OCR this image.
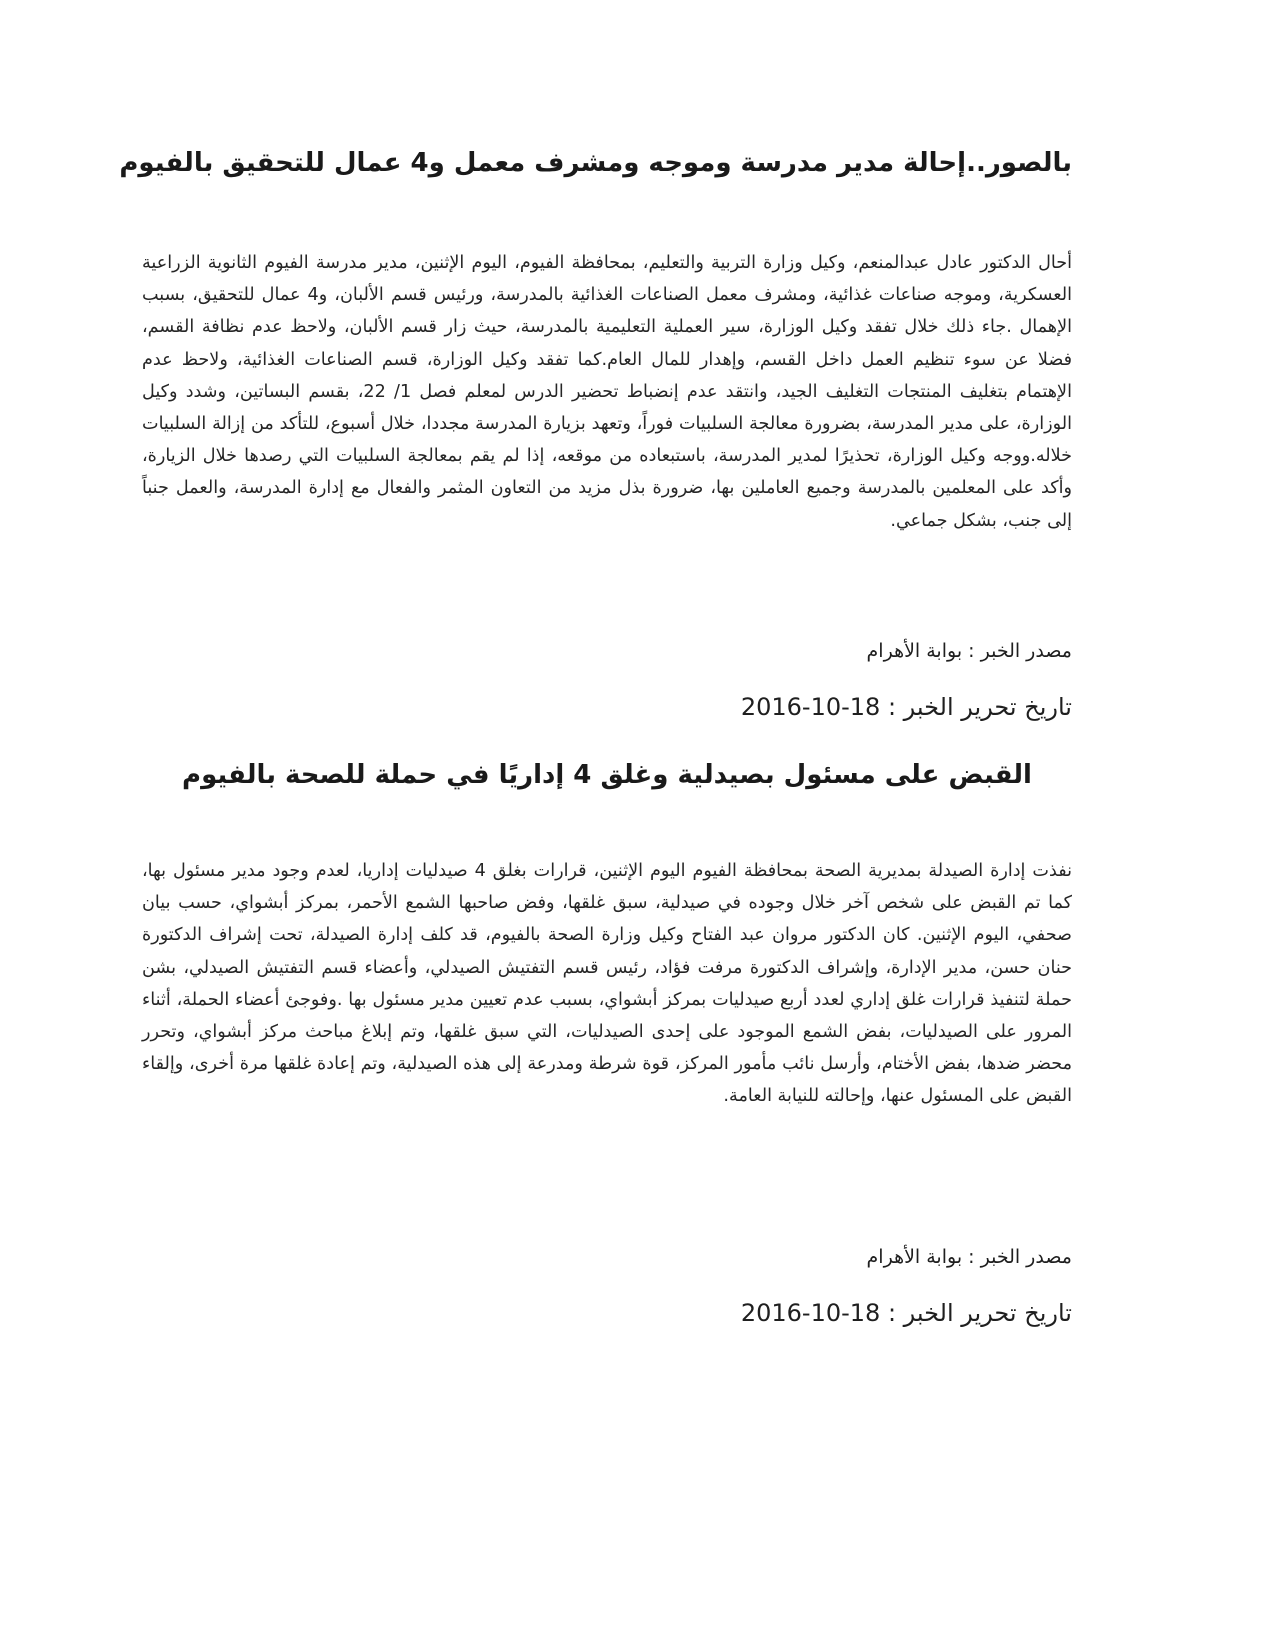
بالصور..إحالة مدير مدرسة وموجه ومشرف معمل و4 عمال للتحقيق بالفيوم

أحال الدكتور عادل عبدالمنعم، وكيل وزارة التربية والتعليم، بمحافظة الفيوم، اليوم الإثنين، مدير مدرسة الفيوم الثانوية الزراعية العسكرية، وموجه صناعات غذائية، ومشرف معمل الصناعات الغذائية بالمدرسة، ورئيس قسم الألبان، و4 عمال للتحقيق، بسبب الإهمال .جاء ذلك خلال تفقد وكيل الوزارة، سير العملية التعليمية بالمدرسة، حيث زار قسم الألبان، ولاحظ عدم نظافة القسم، فضلا عن سوء تنظيم العمل داخل القسم، وإهدار للمال العام.كما تفقد وكيل الوزارة، قسم الصناعات الغذائية، ولاحظ عدم الإهتمام بتغليف المنتجات التغليف الجيد، وانتقد عدم إنضباط تحضير الدرس لمعلم فصل 1/ 22، بقسم البساتين، وشدد وكيل الوزارة، على مدير المدرسة، بضرورة معالجة السلبيات فوراً، وتعهد بزيارة المدرسة مجددا، خلال أسبوع، للتأكد من إزالة السلبيات خلاله.ووجه وكيل الوزارة، تحذيرًا لمدير المدرسة، باستبعاده من موقعه، إذا لم يقم بمعالجة السلبيات التي رصدها خلال الزيارة، وأكد على المعلمين بالمدرسة وجميع العاملين بها، ضرورة بذل مزيد من التعاون المثمر والفعال مع إدارة المدرسة، والعمل جنباً إلى جنب، بشكل جماعي.

مصدر الخبر : بوابة الأهرام

تاريخ تحرير الخبر : 2016-10-18

القبض على مسئول بصيدلية وغلق 4 إداريًا في حملة للصحة بالفيوم

نفذت إدارة الصيدلة بمديرية الصحة بمحافظة الفيوم اليوم الإثنين، قرارات بغلق 4 صيدليات إداريا، لعدم وجود مدير مسئول بها، كما تم القبض على شخص آخر خلال وجوده في صيدلية، سبق غلقها، وفض صاحبها الشمع الأحمر، بمركز أبشواي، حسب بيان صحفي، اليوم الإثنين. كان الدكتور مروان عبد الفتاح وكيل وزارة الصحة بالفيوم، قد كلف إدارة الصيدلة، تحت إشراف الدكتورة حنان حسن، مدير الإدارة، وإشراف الدكتورة مرفت فؤاد، رئيس قسم التفتيش الصيدلي، وأعضاء قسم التفتيش الصيدلي، بشن حملة لتنفيذ قرارات غلق إداري لعدد أربع صيدليات بمركز أبشواي، بسبب عدم تعيين مدير مسئول بها .وفوجئ أعضاء الحملة، أثناء المرور على الصيدليات، بفض الشمع الموجود على إحدى الصيدليات، التي سبق غلقها، وتم إبلاغ مباحث مركز أبشواي، وتحرر محضر ضدها، بفض الأختام، وأرسل نائب مأمور المركز، قوة شرطة ومدرعة إلى هذه الصيدلية، وتم إعادة غلقها مرة أخرى، وإلقاء القبض على المسئول عنها، وإحالته للنيابة العامة.

مصدر الخبر : بوابة الأهرام

تاريخ تحرير الخبر : 2016-10-18
